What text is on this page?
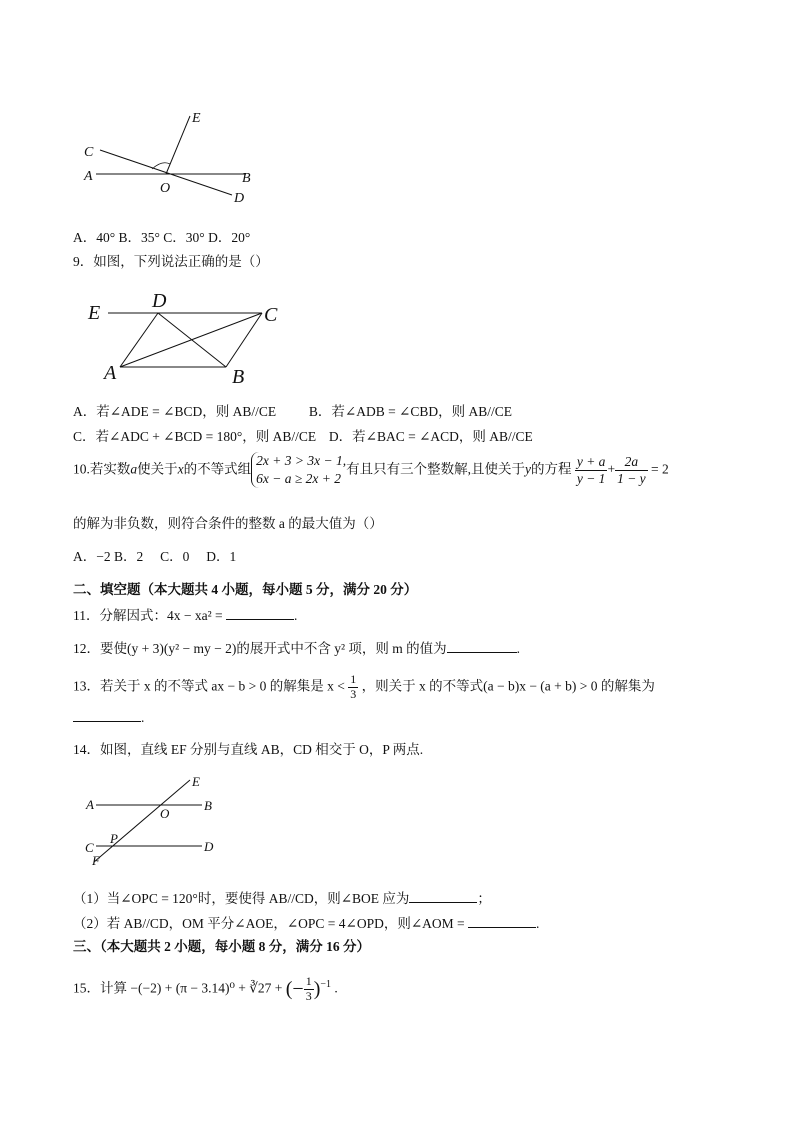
E
C
A
O
B
D
A．40° B．35° C．30° D．20°
9．如图，下列说法正确的是（）
E
D
C
A	B
A．若∠ADE = ∠BCD，则 AB//CE B．若∠ADB = ∠CBD，则 AB//CE
C．若∠ADC + ∠BCD = 180°，则 AB//CE D．若∠BAC = ∠ACD，则 AB//CE
10.若实数a使关于x的不等式组
2x + 3 > 3x − 1,
6x − a ≥ 2x + 2
有且只有三个整数解,且使关于y的方程 $\frac{y + a}{y - 1} + \frac{2a}{1 - y} = 2$
的解为非负数，则符合条件的整数 a 的最大值为（）
A．−2 B．2　 C．0　 D．1
二、填空题（本大题共 4 小题，每小题 5 分，满分 20 分）
11．分解因式：4x − xa² =	.
12．要使(y + 3)(y² − my − 2)的展开式中不含 y² 项，则 m 的值为	.
13．若关于 x 的不等式 ax − b > 0 的解集是 $x < \frac{1}{3}$ ，则关于 x 的不等式(a − b)x − (a + b) > 0 的解集为
.
14．如图，直线 EF 分别与直线 AB，CD 相交于 O，P 两点.
E
A
O
B
C
P
D
F
（1）当∠OPC = 120°时，要使得 AB//CD，则∠BOE 应为	；
（2）若 AB//CD，OM 平分∠AOE，∠OPC = 4∠OPD，则∠AOM =	.
三、（本大题共 2 小题，每小题 8 分，满分 16 分）
15．计算 −(−2) + (π − 3.14)⁰ + ∛27 + (− $\frac{1}{3} )^{-1}$ .
